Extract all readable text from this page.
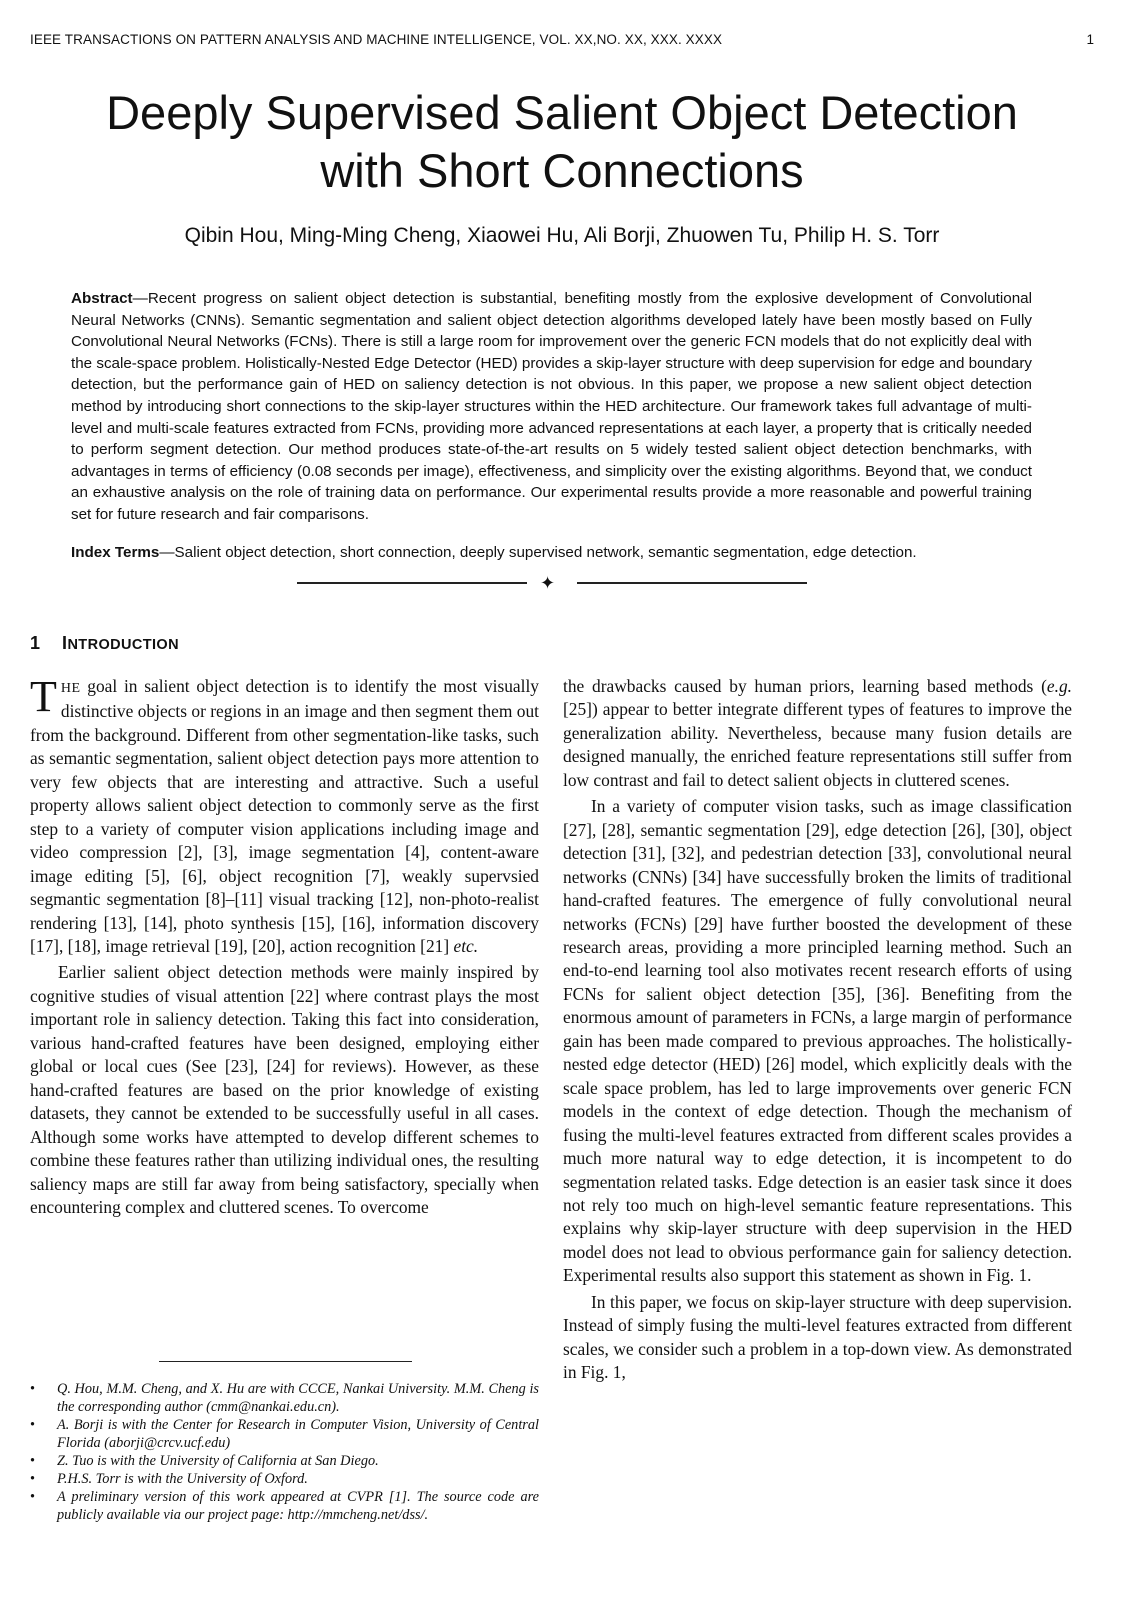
IEEE TRANSACTIONS ON PATTERN ANALYSIS AND MACHINE INTELLIGENCE, VOL. XX,NO. XX, XXX. XXXX	1
Deeply Supervised Salient Object Detection
with Short Connections
Qibin Hou, Ming-Ming Cheng, Xiaowei Hu, Ali Borji, Zhuowen Tu, Philip H. S. Torr

Abstract—Recent progress on salient object detection is substantial, benefiting mostly from the explosive development of Convolutional Neural Networks (CNNs). Semantic segmentation and salient object detection algorithms developed lately have been mostly based on Fully Convolutional Neural Networks (FCNs). There is still a large room for improvement over the generic FCN models that do not explicitly deal with the scale-space problem. Holistically-Nested Edge Detector (HED) provides a skip-layer structure with deep supervision for edge and boundary detection, but the performance gain of HED on saliency detection is not obvious. In this paper, we propose a new salient object detection method by introducing short connections to the skip-layer structures within the HED architecture. Our framework takes full advantage of multi-level and multi-scale features extracted from FCNs, providing more advanced representations at each layer, a property that is critically needed to perform segment detection. Our method produces state-of-the-art results on 5 widely tested salient object detection benchmarks, with advantages in terms of efficiency (0.08 seconds per image), effectiveness, and simplicity over the existing algorithms. Beyond that, we conduct an exhaustive analysis on the role of training data on performance. Our experimental results provide a more reasonable and powerful training set for future research and fair comparisons.

Index Terms—Salient object detection, short connection, deeply supervised network, semantic segmentation, edge detection.

✦
1 INTRODUCTION

THE goal in salient object detection is to identify the most visually distinctive objects or regions in an image and then segment them out from the background. Different from other segmentation-like tasks, such as semantic segmentation, salient object detection pays more attention to very few objects that are interesting and attractive. Such a useful property allows salient object detection to commonly serve as the first step to a variety of computer vision applications including image and video compression [2], [3], image segmentation [4], content-aware image editing [5], [6], object recognition [7], weakly supervsied segmantic segmentation [8]–[11] visual tracking [12], non-photo-realist rendering [13], [14], photo synthesis [15], [16], information discovery [17], [18], image retrieval [19], [20], action recognition [21] etc.

Earlier salient object detection methods were mainly inspired by cognitive studies of visual attention [22] where contrast plays the most important role in saliency detection. Taking this fact into consideration, various hand-crafted features have been designed, employing either global or local cues (See [23], [24] for reviews). However, as these hand-crafted features are based on the prior knowledge of existing datasets, they cannot be extended to be successfully useful in all cases. Although some works have attempted to develop different schemes to combine these features rather than utilizing individual ones, the resulting saliency maps are still far away from being satisfactory, specially when encountering complex and cluttered scenes. To overcome

the drawbacks caused by human priors, learning based methods (e.g. [25]) appear to better integrate different types of features to improve the generalization ability. Nevertheless, because many fusion details are designed manually, the enriched feature representations still suffer from low contrast and fail to detect salient objects in cluttered scenes.

In a variety of computer vision tasks, such as image classification [27], [28], semantic segmentation [29], edge detection [26], [30], object detection [31], [32], and pedestrian detection [33], convolutional neural networks (CNNs) [34] have successfully broken the limits of traditional hand-crafted features. The emergence of fully convolutional neural networks (FCNs) [29] have further boosted the development of these research areas, providing a more principled learning method. Such an end-to-end learning tool also motivates recent research efforts of using FCNs for salient object detection [35], [36]. Benefiting from the enormous amount of parameters in FCNs, a large margin of performance gain has been made compared to previous approaches. The holistically-nested edge detector (HED) [26] model, which explicitly deals with the scale space problem, has led to large improvements over generic FCN models in the context of edge detection. Though the mechanism of fusing the multi-level features extracted from different scales provides a much more natural way to edge detection, it is incompetent to do segmentation related tasks. Edge detection is an easier task since it does not rely too much on high-level semantic feature representations. This explains why skip-layer structure with deep supervision in the HED model does not lead to obvious performance gain for saliency detection. Experimental results also support this statement as shown in Fig. 1.

In this paper, we focus on skip-layer structure with deep supervision. Instead of simply fusing the multi-level features extracted from different scales, we consider such a problem in a top-down view. As demonstrated in Fig. 1,

• Q. Hou, M.M. Cheng, and X. Hu are with CCCE, Nankai University. M.M. Cheng is the corresponding author (cmm@nankai.edu.cn).
• A. Borji is with the Center for Research in Computer Vision, University of Central Florida (aborji@crcv.ucf.edu)
• Z. Tuo is with the University of California at San Diego.
• P.H.S. Torr is with the University of Oxford.
• A preliminary version of this work appeared at CVPR [1]. The source code are publicly available via our project page: http://mmcheng.net/dss/.
